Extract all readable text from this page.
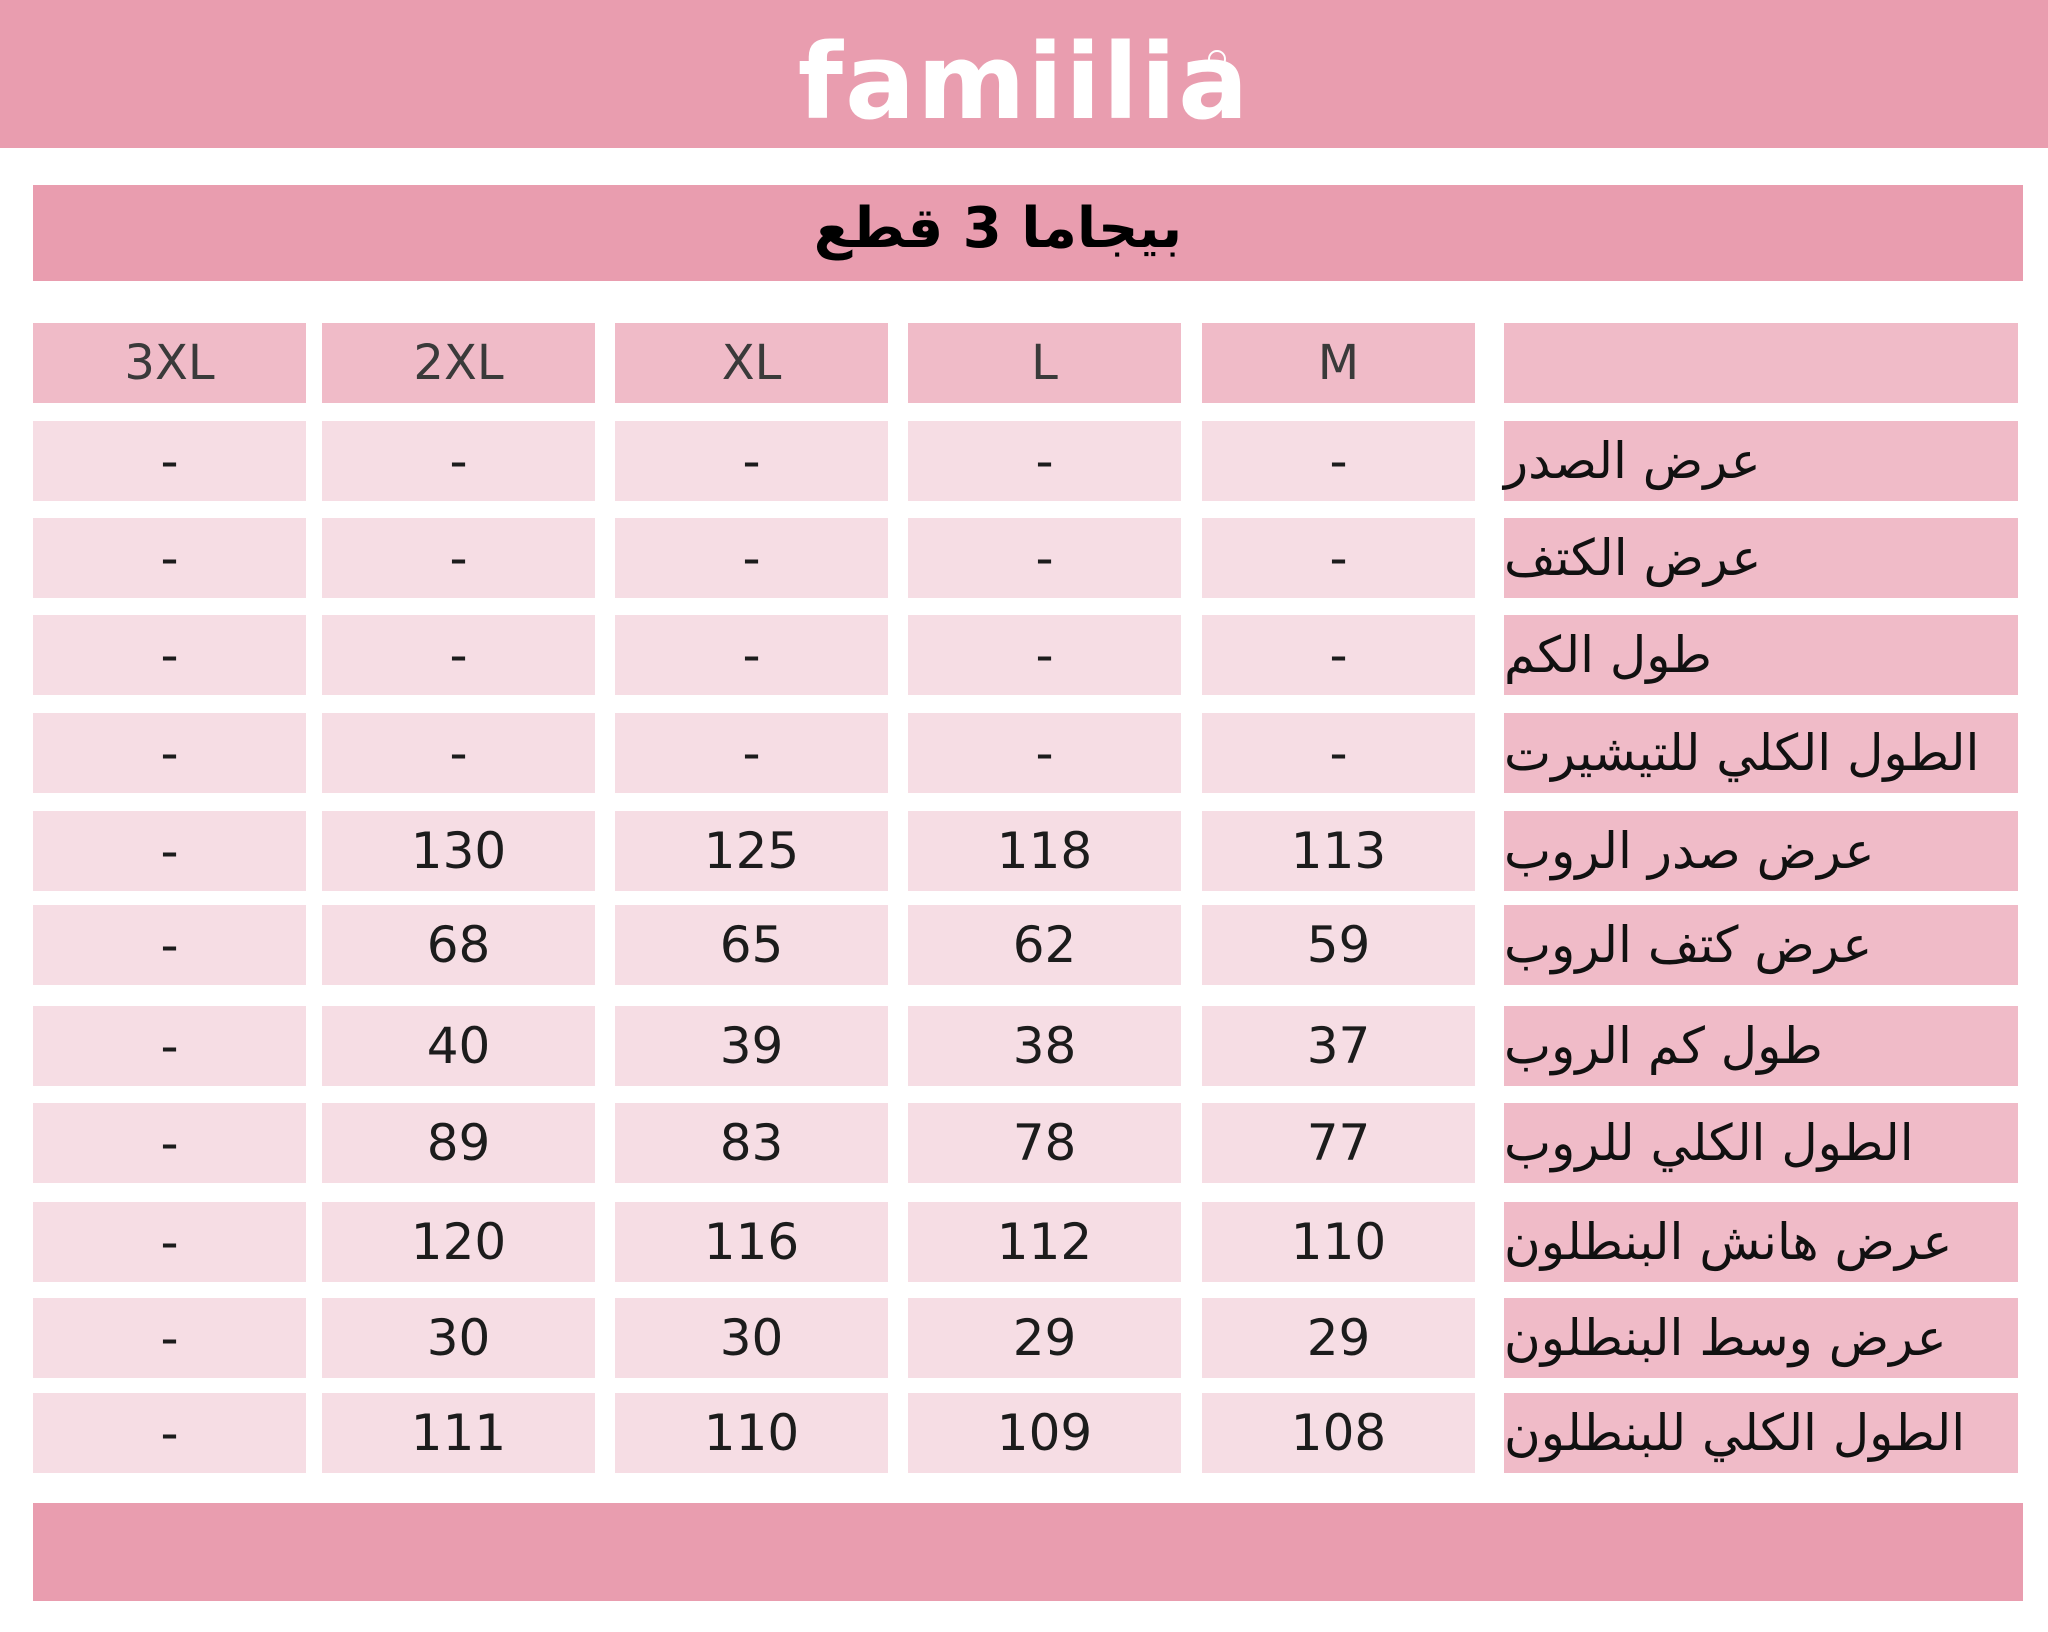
famiilia
بيجاما 3 قطع
3XL	2XL	XL	L	M
-	-	-	-	-	عرض الصدر
-	-	-	-	-	عرض الكتف
-	-	-	-	-	طول الكم
-	-	-	-	-	الطول الكلي للتيشيرت
-	130	125	118	113	عرض صدر الروب
-	68	65	62	59	عرض كتف الروب
-	40	39	38	37	طول كم الروب
-	89	83	78	77	الطول الكلي للروب
-	120	116	112	110	عرض هانش البنطلون
-	30	30	29	29	عرض وسط البنطلون
-	111	110	109	108	الطول الكلي للبنطلون
